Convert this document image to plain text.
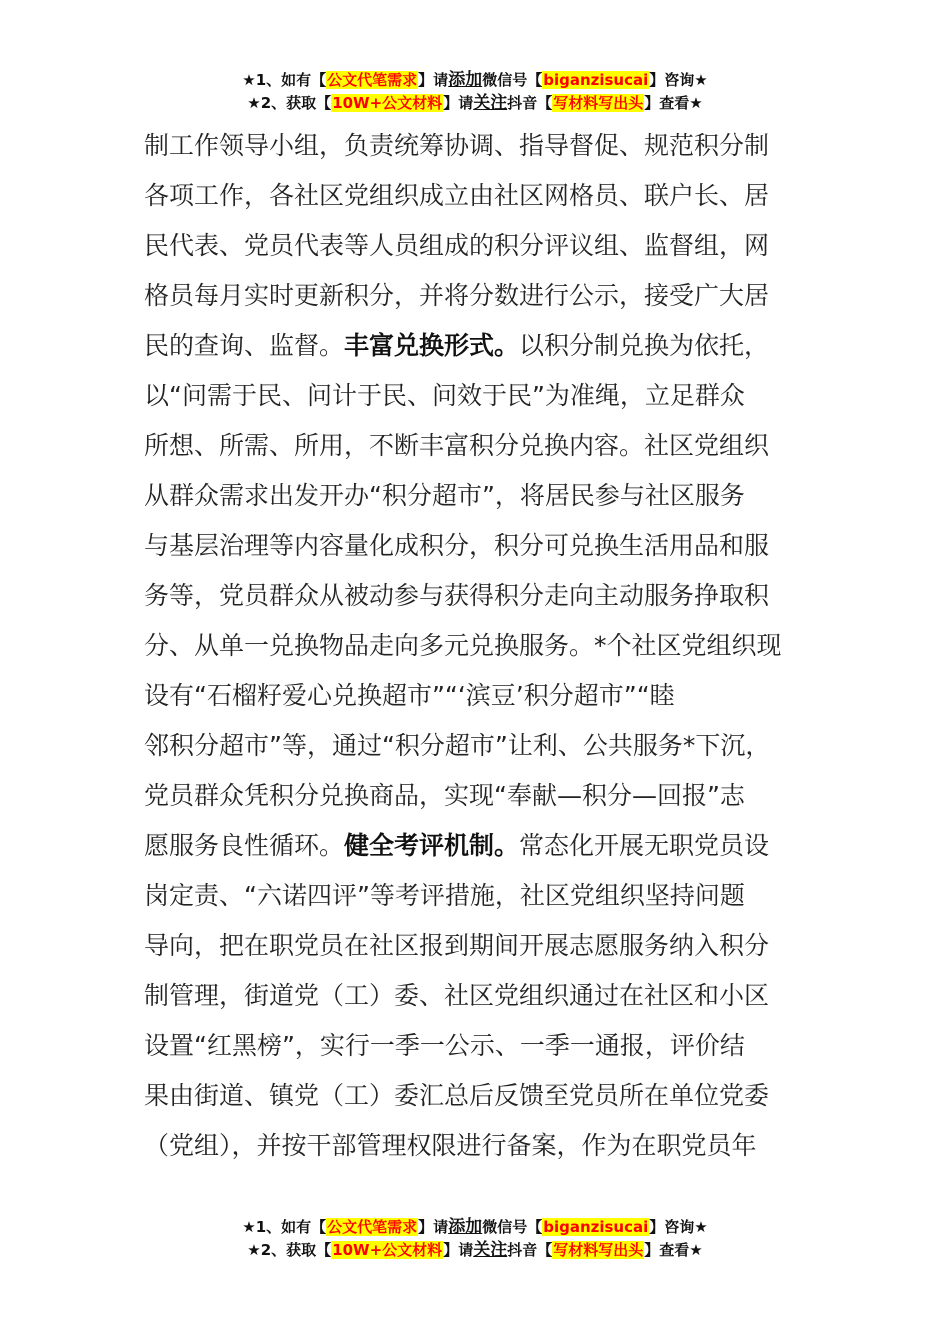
★1、如有【公文代笔需求】请添加微信号【biganzisucai】咨询★
★2、获取【10W+公文材料】请关注抖音【写材料写出头】查看★
制工作领导小组，负责统筹协调、指导督促、规范积分制
各项工作，各社区党组织成立由社区网格员、联户长、居
民代表、党员代表等人员组成的积分评议组、监督组，网
格员每月实时更新积分，并将分数进行公示，接受广大居
民的查询、监督。丰富兑换形式。以积分制兑换为依托，
以“问需于民、问计于民、问效于民”为准绳，立足群众
所想、所需、所用，不断丰富积分兑换内容。社区党组织
从群众需求出发开办“积分超市”，将居民参与社区服务
与基层治理等内容量化成积分，积分可兑换生活用品和服
务等，党员群众从被动参与获得积分走向主动服务挣取积
分、从单一兑换物品走向多元兑换服务。*个社区党组织现
设有“石榴籽爱心兑换超市”“‘滨豆’积分超市”“睦
邻积分超市”等，通过“积分超市”让利、公共服务*下沉，
党员群众凭积分兑换商品，实现“奉献—积分—回报”志
愿服务良性循环。健全考评机制。常态化开展无职党员设
岗定责、“六诺四评”等考评措施，社区党组织坚持问题
导向，把在职党员在社区报到期间开展志愿服务纳入积分
制管理，街道党（工）委、社区党组织通过在社区和小区
设置“红黑榜”，实行一季一公示、一季一通报，评价结
果由街道、镇党（工）委汇总后反馈至党员所在单位党委
（党组），并按干部管理权限进行备案，作为在职党员年
★1、如有【公文代笔需求】请添加微信号【biganzisucai】咨询★
★2、获取【10W+公文材料】请关注抖音【写材料写出头】查看★
